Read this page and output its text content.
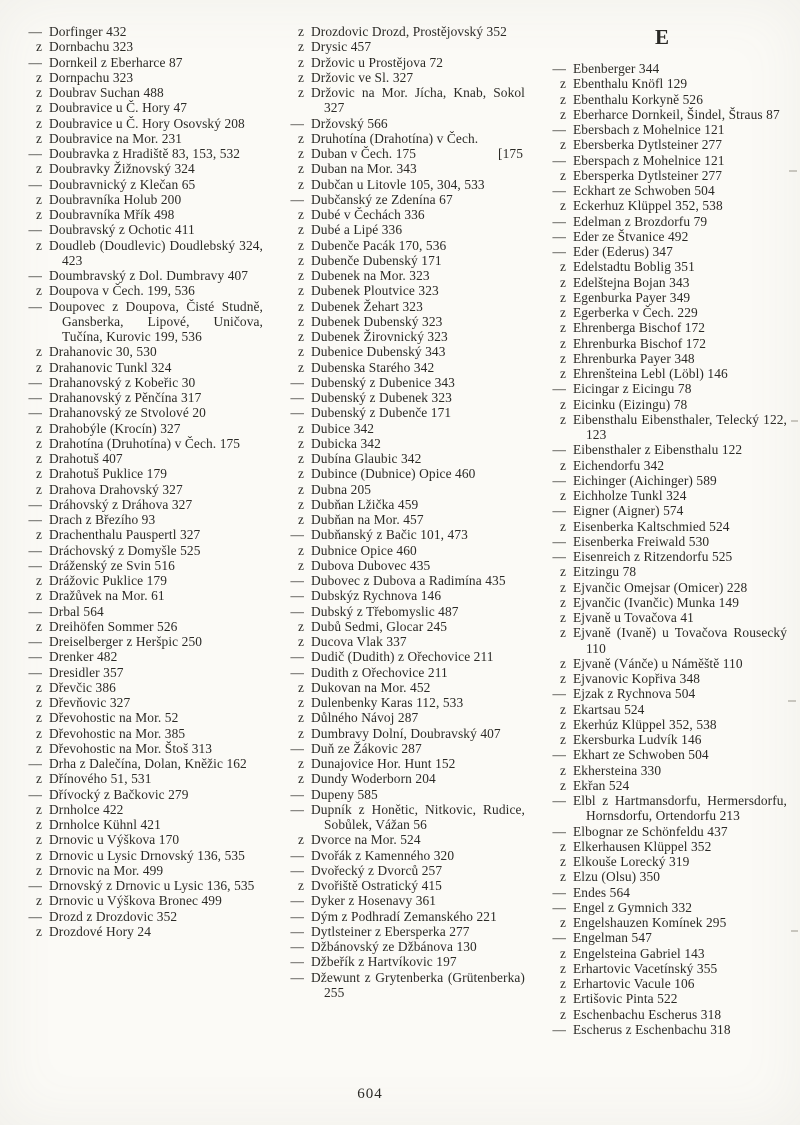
— Dorfinger 432
z Dornbachu 323
— Dornkeil z Eberharce 87
z Dornpachu 323
z Doubrav Suchan 488
z Doubravice u Č. Hory 47
z Doubravice u Č. Hory Osovský 208
z Doubravice na Mor. 231
— Doubravka z Hradiště 83, 153, 532
z Doubravky Žižnovský 324
— Doubravnický z Klečan 65
z Doubravníka Holub 200
z Doubravníka Mřík 498
— Doubravský z Ochotic 411
z Doudleb (Doudlevic) Doudlebský 324, 423
— Doumbravský z Dol. Dumbravy 407
z Doupova v Čech. 199, 536
— Doupovec z Doupova, Čisté Studně, Gansberka, Lipové, Uničova, Tučína, Kurovic 199, 536
z Drahanovic 30, 530
z Drahanovic Tunkl 324
— Drahanovský z Kobeřic 30
— Drahanovský z Pěnčína 317
— Drahanovský ze Stvolové 20
z Drahobýle (Krocín) 327
z Drahotína (Druhotína) v Čech. 175
z Drahotuš 407
z Drahotuš Puklice 179
z Drahova Drahovský 327
— Dráhovský z Dráhova 327
— Drach z Březího 93
z Drachenthalu Pauspertl 327
— Dráchovský z Domyšle 525
— Dráženský ze Svin 516
z Drážovic Puklice 179
z Dražůvek na Mor. 61
— Drbal 564
z Dreihöfen Sommer 526
— Dreiselberger z Heršpic 250
— Drenker 482
— Dresidler 357
z Dřevčic 386
z Dřevňovic 327
z Dřevohostic na Mor. 52
z Dřevohostic na Mor. 385
z Dřevohostic na Mor. Štoš 313
— Drha z Dalečína, Dolan, Kněžic 162
z Dřínového 51, 531
— Dřívocký z Bačkovic 279
z Drnholce 422
z Drnholce Kühnl 421
z Drnovic u Výškova 170
z Drnovic u Lysic Drnovský 136, 535
z Drnovic na Mor. 499
— Drnovský z Drnovic u Lysic 136, 535
z Drnovic u Výškova Bronec 499
— Drozd z Drozdovic 352
z Drozdové Hory 24
z Drozdovic Drozd, Prostějovský 352
z Drysic 457
z Držovic u Prostějova 72
z Držovic ve Sl. 327
z Držovic na Mor. Jícha, Knab, Sokol 327
— Držovský 566
z Druhotína (Drahotína) v Čech.
z Duban v Čech. 175	[175
z Duban na Mor. 343
z Dubčan u Litovle 105, 304, 533
— Dubčanský ze Zdenína 67
z Dubé v Čechách 336
z Dubé a Lipé 336
z Dubenče Pacák 170, 536
z Dubenče Dubenský 171
z Dubenek na Mor. 323
z Dubenek Ploutvice 323
z Dubenek Žehart 323
z Dubenek Dubenský 323
z Dubenek Žirovnický 323
z Dubenice Dubenský 343
z Dubenska Starého 342
— Dubenský z Dubenice 343
— Dubenský z Dubenek 323
— Dubenský z Dubenče 171
z Dubice 342
z Dubicka 342
z Dubína Glaubic 342
z Dubince (Dubnice) Opice 460
z Dubna 205
z Dubňan Lžička 459
z Dubňan na Mor. 457
— Dubňanský z Bačic 101, 473
z Dubnice Opice 460
z Dubova Dubovec 435
— Dubovec z Dubova a Radimína 435
— Dubskýz Rychnova 146
— Dubský z Třebomyslic 487
z Dubů Sedmi, Glocar 245
z Ducova Vlak 337
— Dudič (Dudith) z Ořechovice 211
— Dudith z Ořechovice 211
z Dukovan na Mor. 452
z Dulenbenky Karas 112, 533
z Důlného Návoj 287
z Dumbravy Dolní, Doubravský 407
— Duň ze Žákovic 287
z Dunajovice Hor. Hunt 152
z Dundy Woderborn 204
— Dupeny 585
— Dupník z Honětic, Nitkovic, Rudice, Sobůlek, Vážan 56
z Dvorce na Mor. 524
— Dvořák z Kamenného 320
— Dvořecký z Dvorců 257
z Dvořiště Ostratický 415
— Dyker z Hosenavy 361
— Dým z Podhradí Zemanského 221
— Dytlsteiner z Ebersperka 277
— Džbánovský ze Džbánova 130
— Džbeřík z Hartvíkovic 197
— Džewunt z Grytenberka (Grütenberka) 255
E
— Ebenberger 344
z Ebenthalu Knöfl 129
z Ebenthalu Korkyně 526
z Eberharce Dornkeil, Šindel, Štraus 87
— Ebersbach z Mohelnice 121
z Ebersberka Dytlsteiner 277
— Eberspach z Mohelnice 121
z Ebersperka Dytlsteiner 277
— Eckhart ze Schwoben 504
z Eckerhuz Klüppel 352, 538
— Edelman z Brozdorfu 79
— Eder ze Štvanice 492
— Eder (Ederus) 347
z Edelstadtu Boblig 351
z Edelštejna Bojan 343
z Egenburka Payer 349
z Egerberka v Čech. 229
z Ehrenberga Bischof 172
z Ehrenburka Bischof 172
z Ehrenburka Payer 348
z Ehrenšteina Lebl (Löbl) 146
— Eicingar z Eicingu 78
z Eicinku (Eizingu) 78
z Eibensthalu Eibensthaler, Telecký 122, 123
— Eibensthaler z Eibensthalu 122
z Eichendorfu 342
— Eichinger (Aichinger) 589
z Eichholze Tunkl 324
— Eigner (Aigner) 574
z Eisenberka Kaltschmied 524
— Eisenberka Freiwald 530
— Eisenreich z Ritzendorfu 525
z Eitzingu 78
z Ejvančic Omejsar (Omicer) 228
z Ejvančic (Ivančic) Munka 149
z Ejvaně u Tovačova 41
z Ejvaně (Ivaně) u Tovačova Rousecký 110
z Ejvaně (Vánče) u Náměště 110
z Ejvanovic Kopřiva 348
— Ejzak z Rychnova 504
z Ekartsau 524
z Ekerhúz Klüppel 352, 538
z Ekersburka Ludvík 146
— Ekhart ze Schwoben 504
z Ekhersteina 330
z Ekřan 524
— Elbl z Hartmansdorfu, Hermersdorfu, Hornsdorfu, Ortendorfu 213
— Elbognar ze Schönfeldu 437
z Elkerhausen Klüppel 352
z Elkouše Lorecký 319
z Elzu (Olsu) 350
— Endes 564
— Engel z Gymnich 332
z Engelshauzen Komínek 295
— Engelman 547
z Engelsteina Gabriel 143
z Erhartovic Vacetínský 355
z Erhartovic Vacule 106
z Ertišovic Pinta 522
z Eschenbachu Escherus 318
— Escherus z Eschenbachu 318
604
